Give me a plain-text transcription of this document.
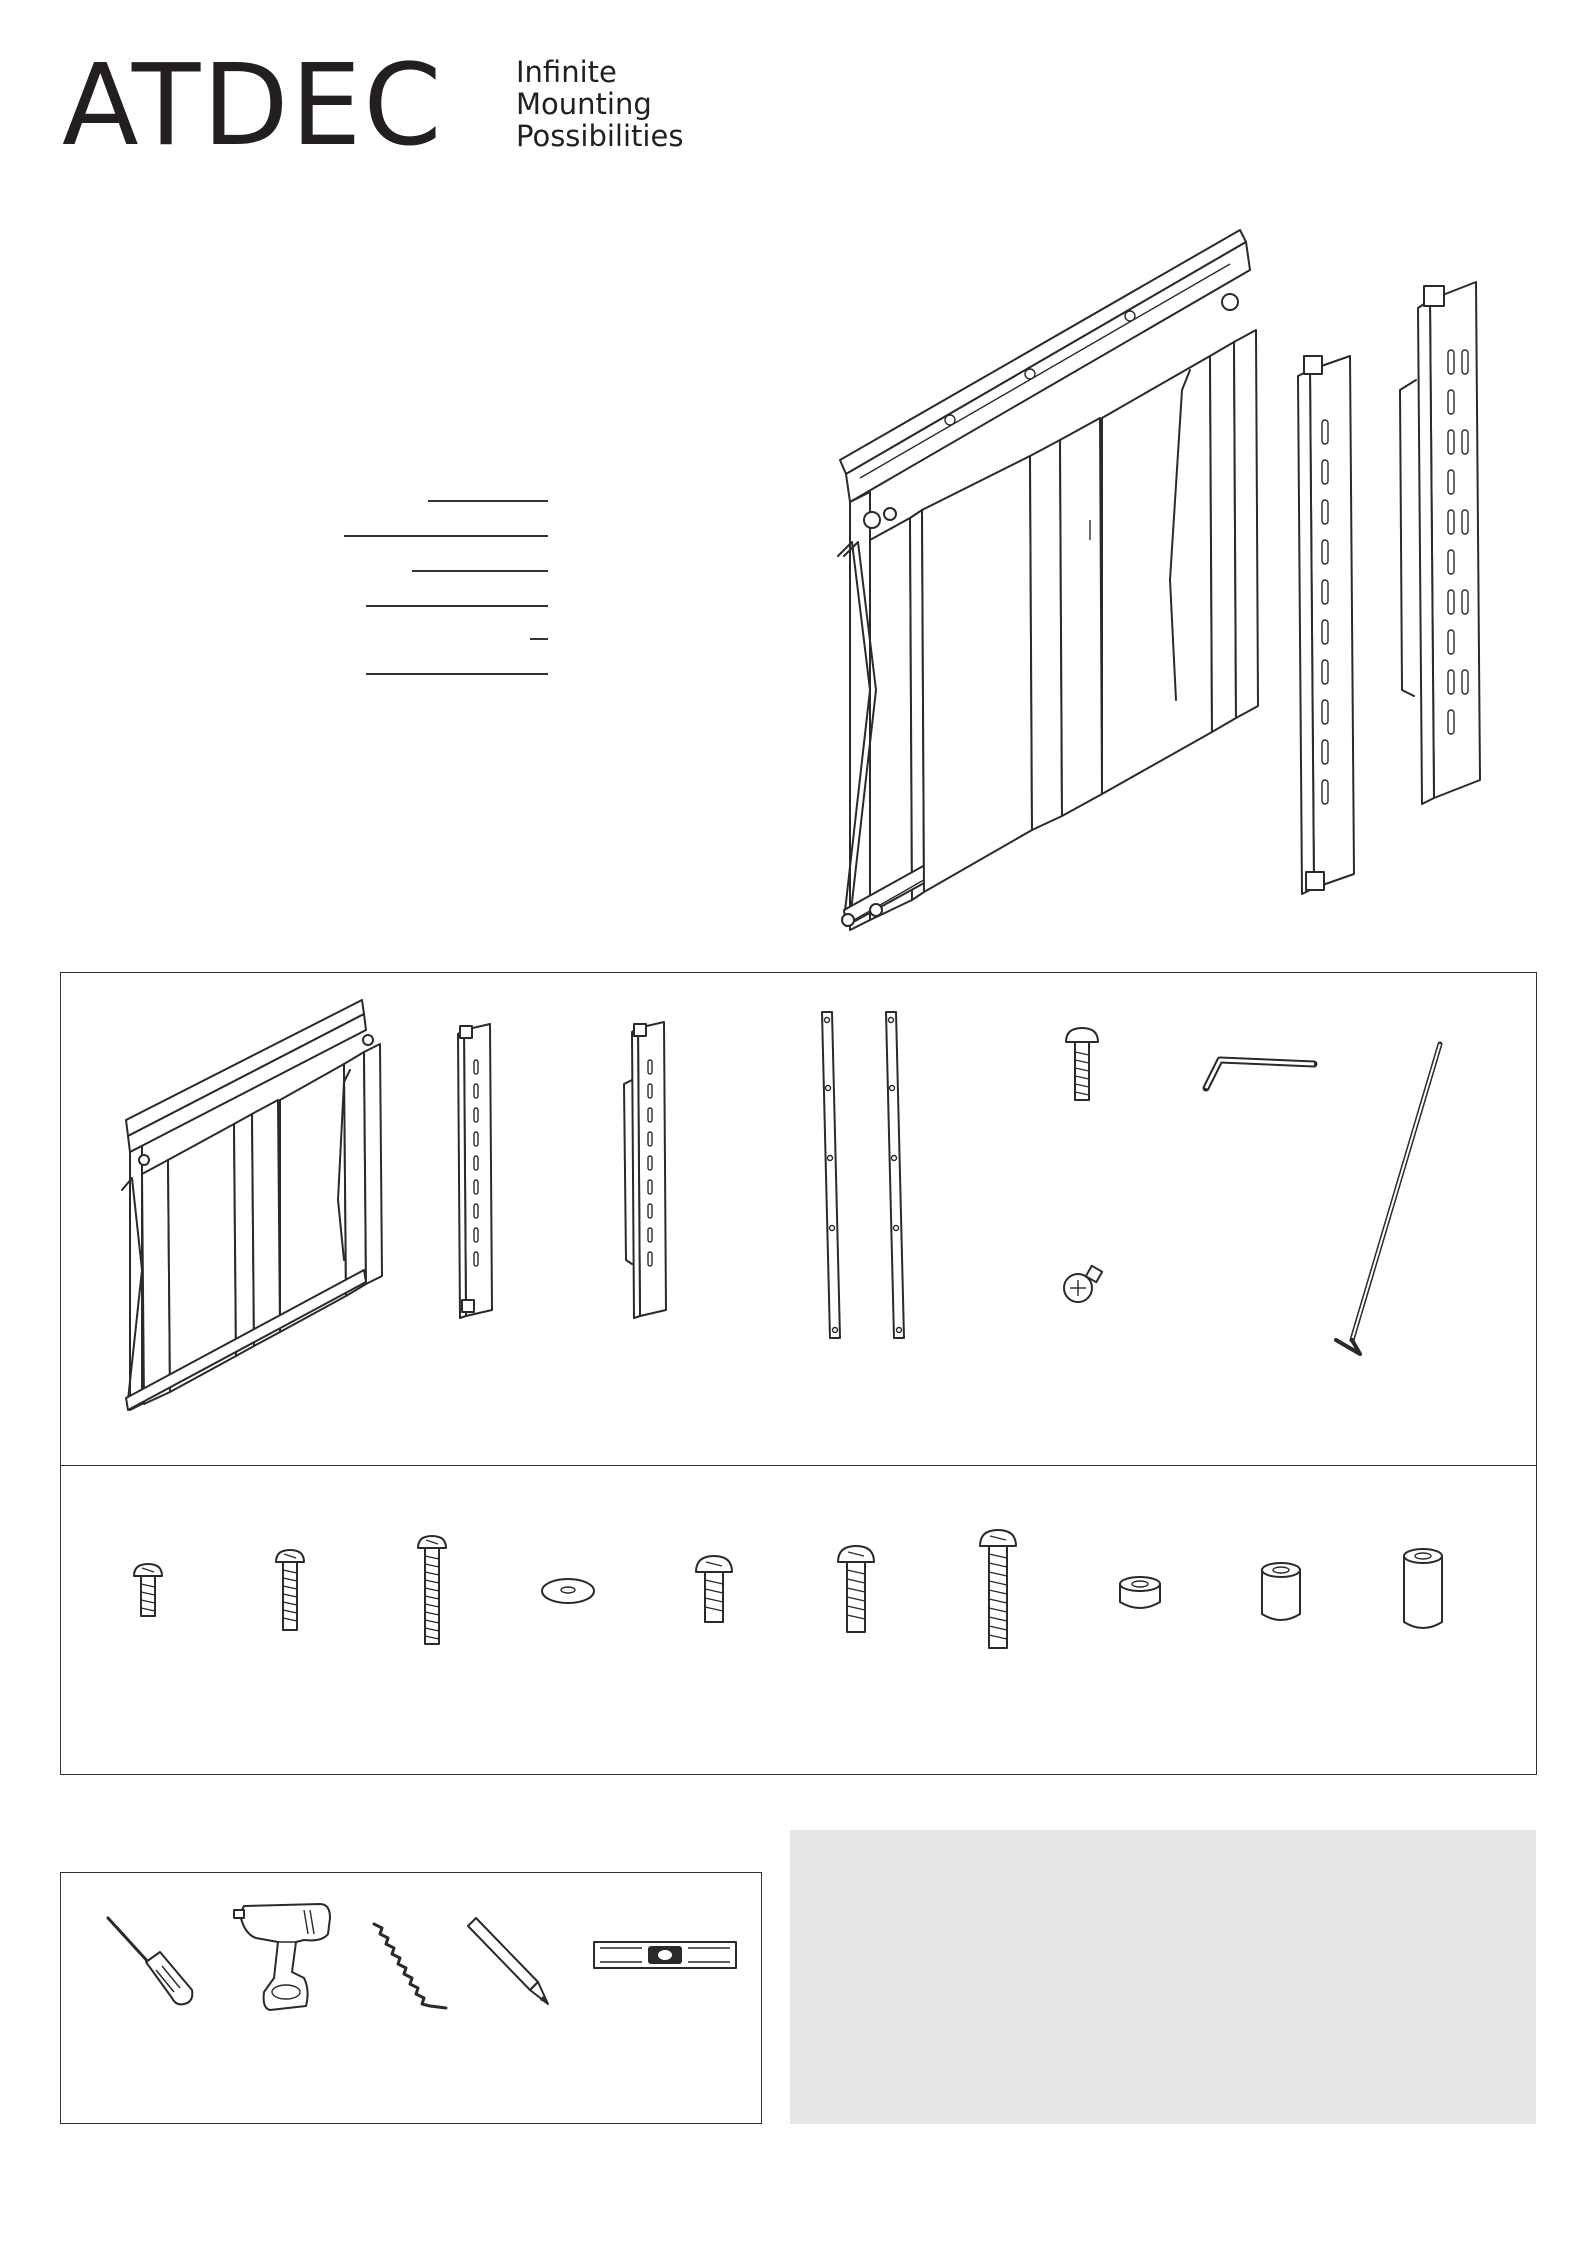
ATDEC Infinite
Mounting
Possibilities
